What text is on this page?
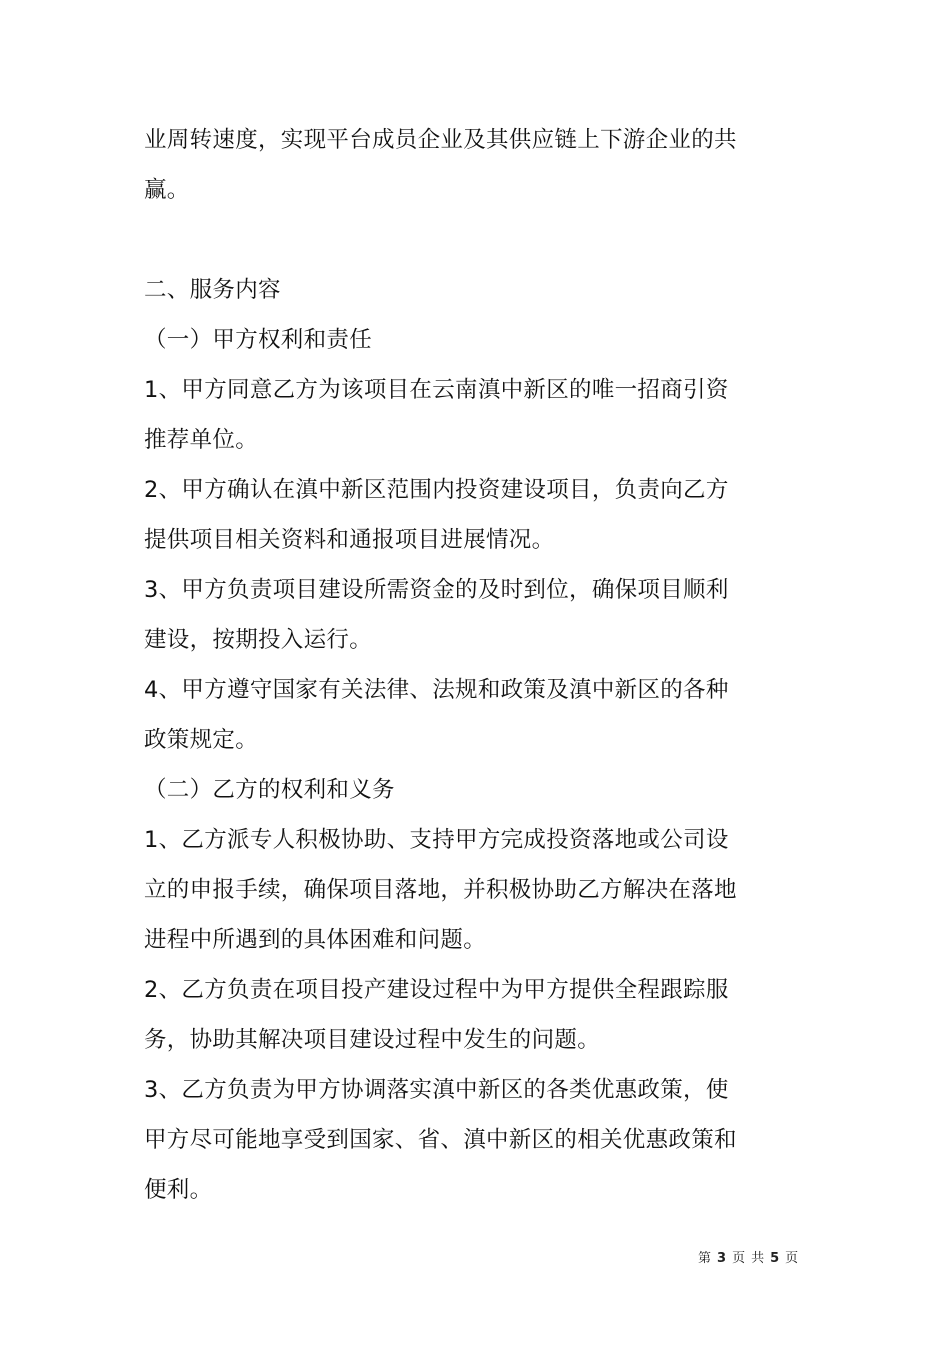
业周转速度，实现平台成员企业及其供应链上下游企业的共
赢。
二、服务内容
（一）甲方权利和责任
1、甲方同意乙方为该项目在云南滇中新区的唯一招商引资
推荐单位。
2、甲方确认在滇中新区范围内投资建设项目，负责向乙方
提供项目相关资料和通报项目进展情况。
3、甲方负责项目建设所需资金的及时到位，确保项目顺利
建设，按期投入运行。
4、甲方遵守国家有关法律、法规和政策及滇中新区的各种
政策规定。
（二）乙方的权利和义务
1、乙方派专人积极协助、支持甲方完成投资落地或公司设
立的申报手续，确保项目落地，并积极协助乙方解决在落地
进程中所遇到的具体困难和问题。
2、乙方负责在项目投产建设过程中为甲方提供全程跟踪服
务，协助其解决项目建设过程中发生的问题。
3、乙方负责为甲方协调落实滇中新区的各类优惠政策，使
甲方尽可能地享受到国家、省、滇中新区的相关优惠政策和
便利。
第 3 页 共 5 页
